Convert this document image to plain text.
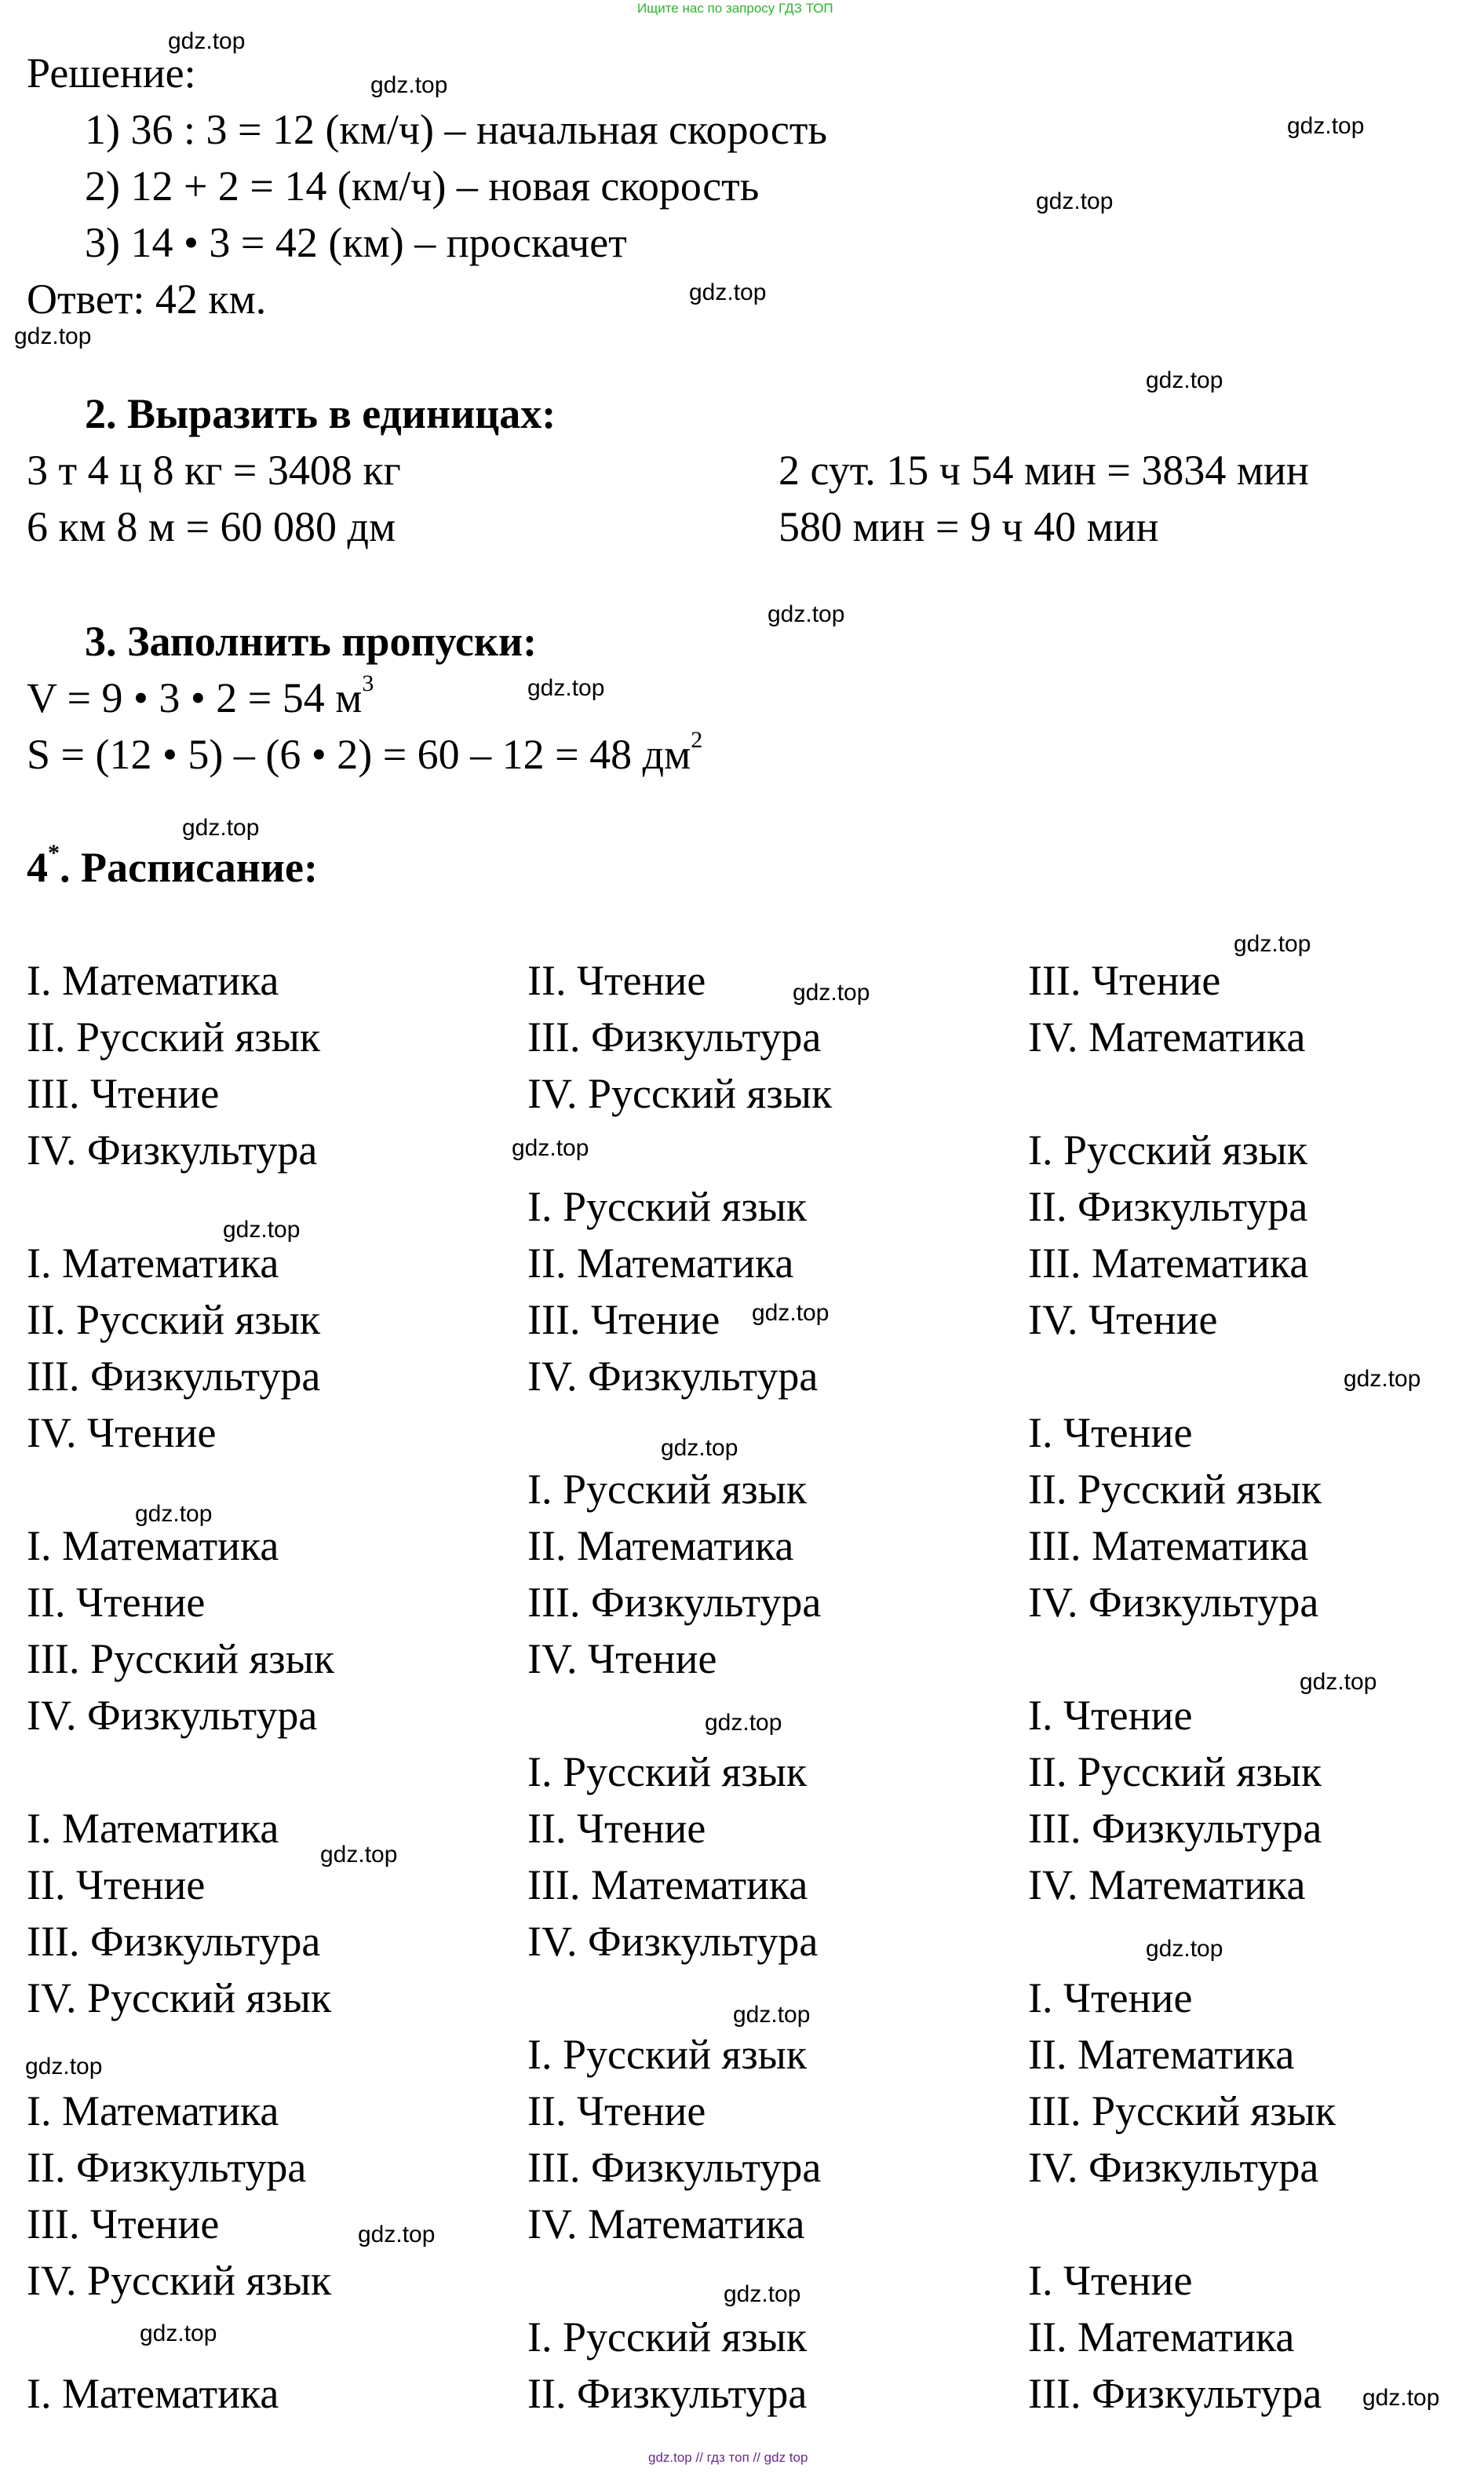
Ищите нас по запросу ГДЗ ТОП
gdz.top // гдз топ // gdz top
Решение:
1) 36 : 3 = 12 (км/ч) – начальная скорость
2) 12 + 2 = 14 (км/ч) – новая скорость
3) 14 • 3 = 42 (км) – проскачет
Ответ: 42 км.
2. Выразить в единицах:
3 т 4 ц 8 кг = 3408 кг
6 км 8 м = 60 080 дм
2 сут. 15 ч 54 мин = 3834 мин
580 мин = 9 ч 40 мин
3. Заполнить пропуски:
V = 9 • 3 • 2 = 54 $м^3$
S = (12 • 5) – (6 • 2) = 60 – 12 = 48 $дм^2$
4*. Расписание:
I. Математика
II. Русский язык
III. Чтение
IV. Физкультура
I. Математика
II. Русский язык
III. Физкультура
IV. Чтение
I. Математика
II. Чтение
III. Русский язык
IV. Физкультура
I. Математика
II. Чтение
III. Физкультура
IV. Русский язык
I. Математика
II. Физкультура
III. Чтение
IV. Русский язык
I. Математика
II. Чтение
III. Физкультура
IV. Русский язык
I. Русский язык
II. Математика
III. Чтение
IV. Физкультура
I. Русский язык
II. Математика
III. Физкультура
IV. Чтение
I. Русский язык
II. Чтение
III. Математика
IV. Физкультура
I. Русский язык
II. Чтение
III. Физкультура
IV. Математика
I. Русский язык
II. Физкультура
III. Чтение
IV. Математика
I. Русский язык
II. Физкультура
III. Математика
IV. Чтение
I. Чтение
II. Русский язык
III. Математика
IV. Физкультура
I. Чтение
II. Русский язык
III. Физкультура
IV. Математика
I. Чтение
II. Математика
III. Русский язык
IV. Физкультура
I. Чтение
II. Математика
III. Физкультура
gdz.top
gdz.top
gdz.top
gdz.top
gdz.top
gdz.top
gdz.top
gdz.top
gdz.top
gdz.top
gdz.top
gdz.top
gdz.top
gdz.top
gdz.top
gdz.top
gdz.top
gdz.top
gdz.top
gdz.top
gdz.top
gdz.top
gdz.top
gdz.top
gdz.top
gdz.top
gdz.top
gdz.top
